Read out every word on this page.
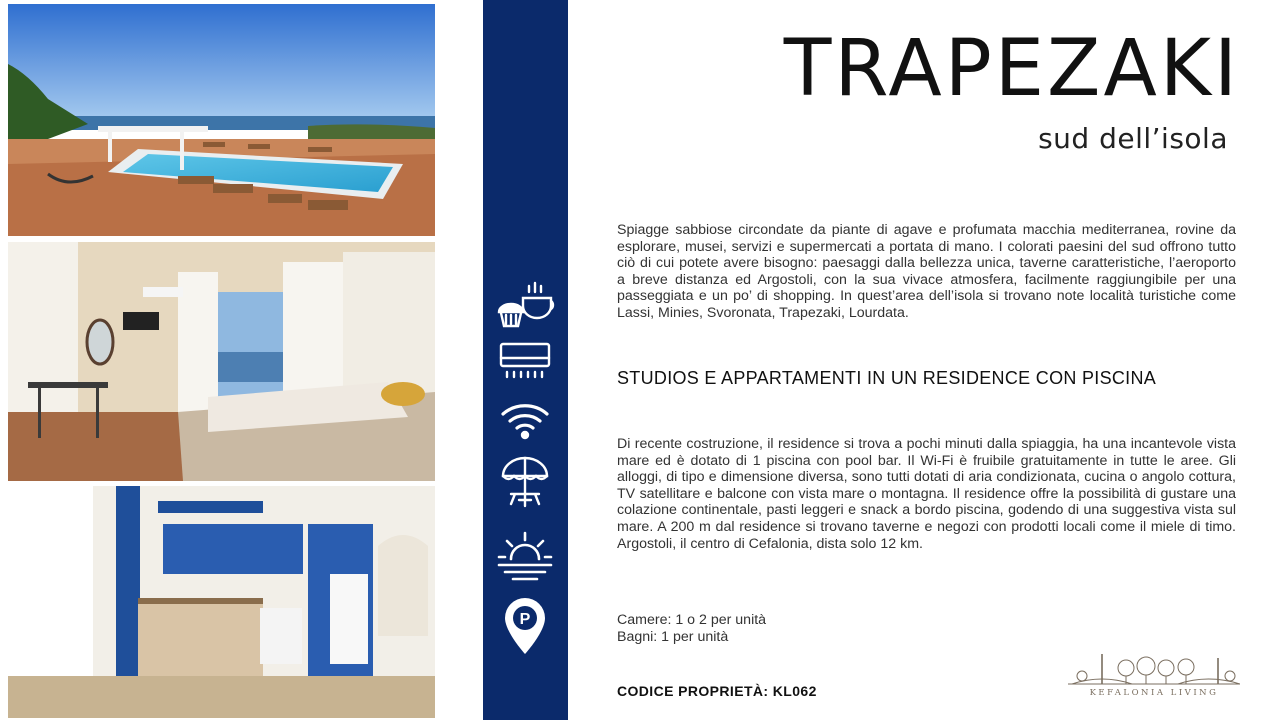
P
TRAPEZAKI
sud dell’isola

Spiagge sabbiose circondate da piante di agave e profumata macchia mediterranea, rovine da esplorare, musei, servizi e supermercati a portata di mano. I colorati paesini del sud offrono tutto ciò di cui potete avere bisogno: paesaggi dalla bellezza unica, taverne caratteristiche, l’aeroporto a breve distanza ed Argostoli, con la sua vivace atmosfera, facilmente raggiungibile per una passeggiata e un po’ di shopping. In quest’area dell’isola si trovano note località turistiche come Lassi, Minies, Svoronata, Trapezaki, Lourdata.

STUDIOS E APPARTAMENTI IN UN RESIDENCE CON PISCINA

Di recente costruzione, il residence si trova a pochi minuti dalla spiaggia, ha una incantevole vista mare ed è dotato di 1 piscina con pool bar. Il Wi-Fi è fruibile gratuitamente in tutte le aree. Gli alloggi, di tipo e dimensione diversa, sono tutti dotati di aria condizionata, cucina o angolo cottura, TV satellitare e balcone con vista mare o montagna. Il residence offre la possibilità di gustare una colazione continentale, pasti leggeri e snack a bordo piscina, godendo di una suggestiva vista sul mare. A 200 m dal residence si trovano taverne e negozi con prodotti locali come il miele di timo. Argostoli, il centro di Cefalonia, dista solo 12 km.

Camere: 1 o 2 per unità
Bagni: 1 per unità
CODICE PROPRIETÀ: KL062	KEFALONIA LIVING
